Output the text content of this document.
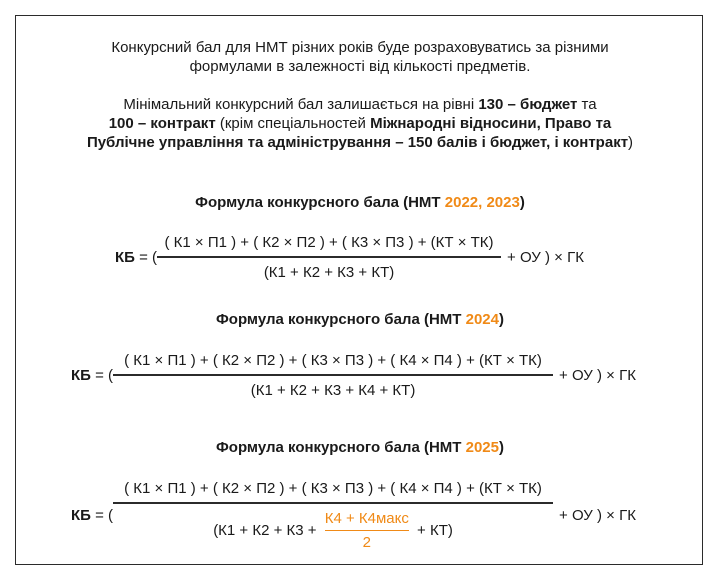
Конкурсний бал для НМТ різних років буде розраховуватись за різними
формулами в залежності від кількості предметів.

Мінімальний конкурсний бал залишається на рівні 130 – бюджет та
100 – контракт (крім спеціальностей Міжнародні відносини, Право та
Публічне управління та адміністрування – 150 балів і бюджет, і контракт)

Формула конкурсного бала (НМТ 2022, 2023)
КБ = ( $\frac{( К1 \times П1 ) + ( К2 \times П2 ) + ( К3 \times П3 ) + (КТ \times ТК)}{(К1 + К2 + К3 + КТ)}$ + ОУ ) × ГК
Формула конкурсного бала (НМТ 2024)
КБ = (
( К1 × П1 ) + ( К2 × П2 ) + ( К3 × П3 ) + ( К4 × П4 ) + (КТ × ТК)
(К1 + К2 + К3 + К4 + КТ)
+ ОУ ) × ГК
Формула конкурсного бала (НМТ 2025)
КБ = (
( К1 × П1 ) + ( К2 × П2 ) + ( К3 × П3 ) + ( К4 × П4 ) + (КТ × ТК)
(К1 + К2 + К3 +
К4 + К4макс
2
+ КТ)
+ ОУ ) × ГК
